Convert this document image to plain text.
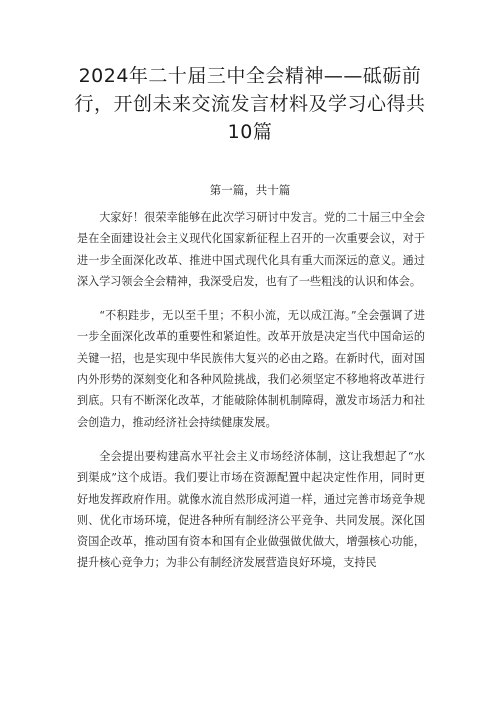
2024年二十届三中全会精神——砥砺前行，开创未来交流发言材料及学习心得共10篇
第一篇，共十篇

大家好！很荣幸能够在此次学习研讨中发言。党的二十届三中全会是在全面建设社会主义现代化国家新征程上召开的一次重要会议，对于进一步全面深化改革、推进中国式现代化具有重大而深远的意义。通过深入学习领会全会精神，我深受启发，也有了一些粗浅的认识和体会。

“不积跬步，无以至千里；不积小流，无以成江海。”全会强调了进一步全面深化改革的重要性和紧迫性。改革开放是决定当代中国命运的关键一招，也是实现中华民族伟大复兴的必由之路。在新时代，面对国内外形势的深刻变化和各种风险挑战，我们必须坚定不移地将改革进行到底。只有不断深化改革，才能破除体制机制障碍，激发市场活力和社会创造力，推动经济社会持续健康发展。

全会提出要构建高水平社会主义市场经济体制，这让我想起了“水到渠成”这个成语。我们要让市场在资源配置中起决定性作用，同时更好地发挥政府作用。就像水流自然形成河道一样，通过完善市场竞争规则、优化市场环境，促进各种所有制经济公平竞争、共同发展。深化国资国企改革，推动国有资本和国有企业做强做优做大，增强核心功能，提升核心竞争力；为非公有制经济发展营造良好环境，支持民
